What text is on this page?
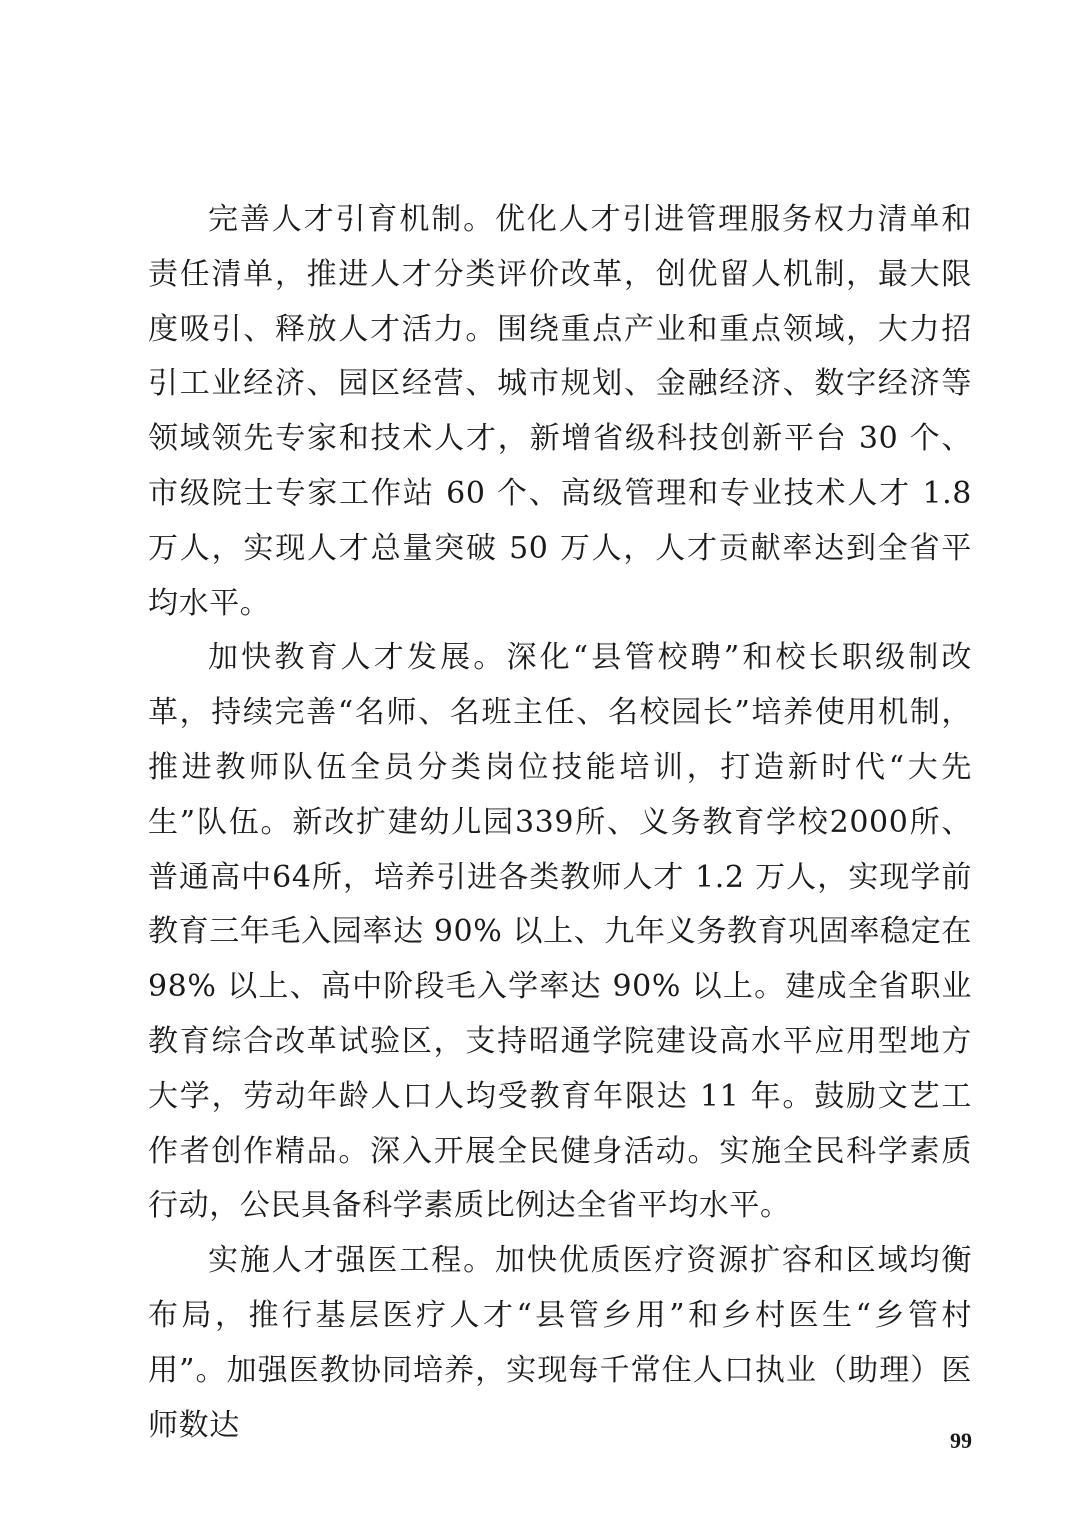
完善人才引育机制。优化人才引进管理服务权力清单和责任清单，推进人才分类评价改革，创优留人机制，最大限度吸引、释放人才活力。围绕重点产业和重点领域，大力招引工业经济、园区经营、城市规划、金融经济、数字经济等领域领先专家和技术人才，新增省级科技创新平台 30 个、市级院士专家工作站 60 个、高级管理和专业技术人才 1.8 万人，实现人才总量突破 50 万人，人才贡献率达到全省平均水平。

加快教育人才发展。深化“县管校聘”和校长职级制改革，持续完善“名师、名班主任、名校园长”培养使用机制，推进教师队伍全员分类岗位技能培训，打造新时代“大先生”队伍。新改扩建幼儿园339所、义务教育学校2000所、普通高中64所，培养引进各类教师人才 1.2 万人，实现学前教育三年毛入园率达 90% 以上、九年义务教育巩固率稳定在 98% 以上、高中阶段毛入学率达 90% 以上。建成全省职业教育综合改革试验区，支持昭通学院建设高水平应用型地方大学，劳动年龄人口人均受教育年限达 11 年。鼓励文艺工作者创作精品。深入开展全民健身活动。实施全民科学素质行动，公民具备科学素质比例达全省平均水平。

实施人才强医工程。加快优质医疗资源扩容和区域均衡布局，推行基层医疗人才“县管乡用”和乡村医生“乡管村用”。加强医教协同培养，实现每千常住人口执业（助理）医师数达	99
